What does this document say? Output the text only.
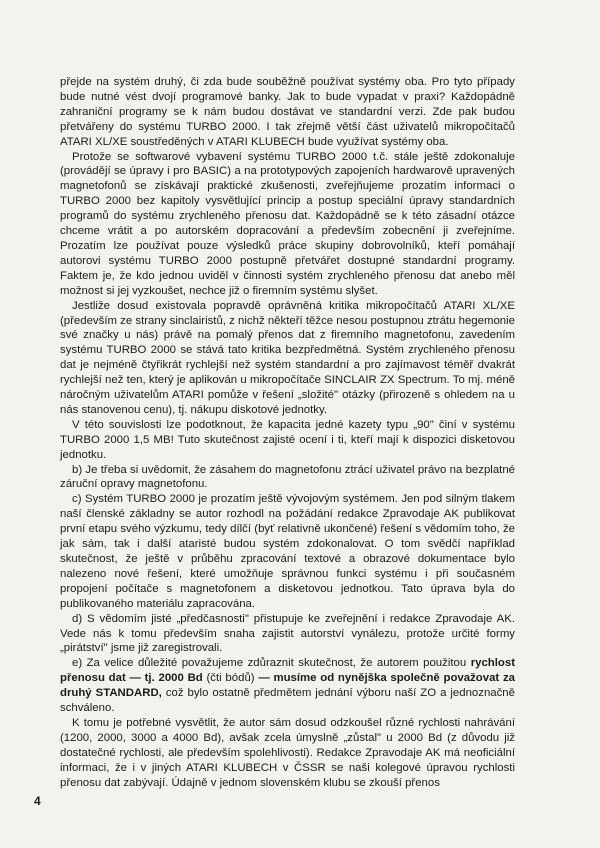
přejde na systém druhý, či zda bude souběžně používat systémy oba. Pro tyto případy bude nutné vést dvojí programové banky. Jak to bude vypadat v praxi? Každopádně zahraniční programy se k nám budou dostávat ve standardní verzi. Zde pak budou přetvářeny do systému TURBO 2000. I tak zřejmě větší část uživatelů mikropočítačů ATARI XL/XE soustředěných v ATARI KLUBECH bude využívat systémy oba.

Protože se softwarové vybavení systému TURBO 2000 t.č. stále ještě zdokonaluje (provádějí se úpravy i pro BASIC) a na prototypových zapojeních hardwarově upravených magnetofonů se získávají praktické zkušenosti, zveřejňujeme prozatím informaci o TURBO 2000 bez kapitoly vysvětlující princip a postup speciální úpravy standardních programů do systému zrychleného přenosu dat. Každopádně se k této zásadní otázce chceme vrátit a po autorském dopracování a především zobecnění ji zveřejníme. Prozatím lze používat pouze výsledků práce skupiny dobrovolníků, kteří pomáhají autorovi systému TURBO 2000 postupně přetvářet dostupné standardní programy. Faktem je, že kdo jednou uviděl v činnosti systém zrychleného přenosu dat anebo měl možnost si jej vyzkoušet, nechce již o firemním systému slyšet.

Jestliže dosud existovala popravdě oprávněná kritika mikropočítačů ATARI XL/XE (především ze strany sinclairistů, z nichž někteří těžce nesou postupnou ztrátu hegemonie své značky u nás) právě na pomalý přenos dat z firemního magnetofonu, zavedením systému TURBO 2000 se stává tato kritika bezpředmětná. Systém zrychleného přenosu dat je nejméně čtyřikrát rychlejší než systém standardní a pro zajímavost téměř dvakrát rychlejší než ten, který je aplikován u mikropočítače SINCLAIR ZX Spectrum. To mj. méně náročným uživatelům ATARI pomůže v řešení „složité" otázky (přirozeně s ohledem na u nás stanovenou cenu), tj. nákupu diskotové jednotky.

V této souvislosti lze podotknout, že kapacita jedné kazety typu „90" činí v systému TURBO 2000 1,5 MB! Tuto skutečnost zajisté ocení i ti, kteří mají k dispozici disketovou jednotku.

b) Je třeba si uvědomit, že zásahem do magnetofonu ztrácí uživatel právo na bezplatné záruční opravy magnetofonu.

c) Systém TURBO 2000 je prozatím ještě vývojovým systémem. Jen pod silným tlakem naší členské základny se autor rozhodl na požádání redakce Zpravodaje AK publikovat první etapu svého výzkumu, tedy dílčí (byť relativně ukončené) řešení s vědomím toho, že jak sám, tak i další ataristé budou systém zdokonalovat. O tom svědčí například skutečnost, že ještě v průběhu zpracování textové a obrazové dokumentace bylo nalezeno nové řešení, které umožňuje správnou funkci systému i při současném propojení počítače s magnetofonem a disketovou jednotkou. Tato úprava byla do publikovaného materiálu zapracována.

d) S vědomím jisté „předčasnosti" přistupuje ke zveřejnění i redakce Zpravodaje AK. Vede nás k tomu především snaha zajistit autorství vynálezu, protože určité formy „pirátství" jsme již zaregistrovali.

e) Za velice důležité považujeme zdůraznit skutečnost, že autorem použitou rychlost přenosu dat — tj. 2000 Bd (čti bódů) — musíme od nynějška společně považovat za druhý STANDARD, což bylo ostatně předmětem jednání výboru naší ZO a jednoznačně schváleno.

K tomu je potřebné vysvětlit, že autor sám dosud odzkoušel různé rychlosti nahrávání (1200, 2000, 3000 a 4000 Bd), avšak zcela úmyslně „zůstal" u 2000 Bd (z důvodu již dostatečné rychlosti, ale především spolehlivosti). Redakce Zpravodaje AK má neoficiální informaci, že i v jiných ATARI KLUBECH v ČSSR se naši kolegové úpravou rychlosti přenosu dat zabývají. Údajně v jednom slovenském klubu se zkouší přenos

4
